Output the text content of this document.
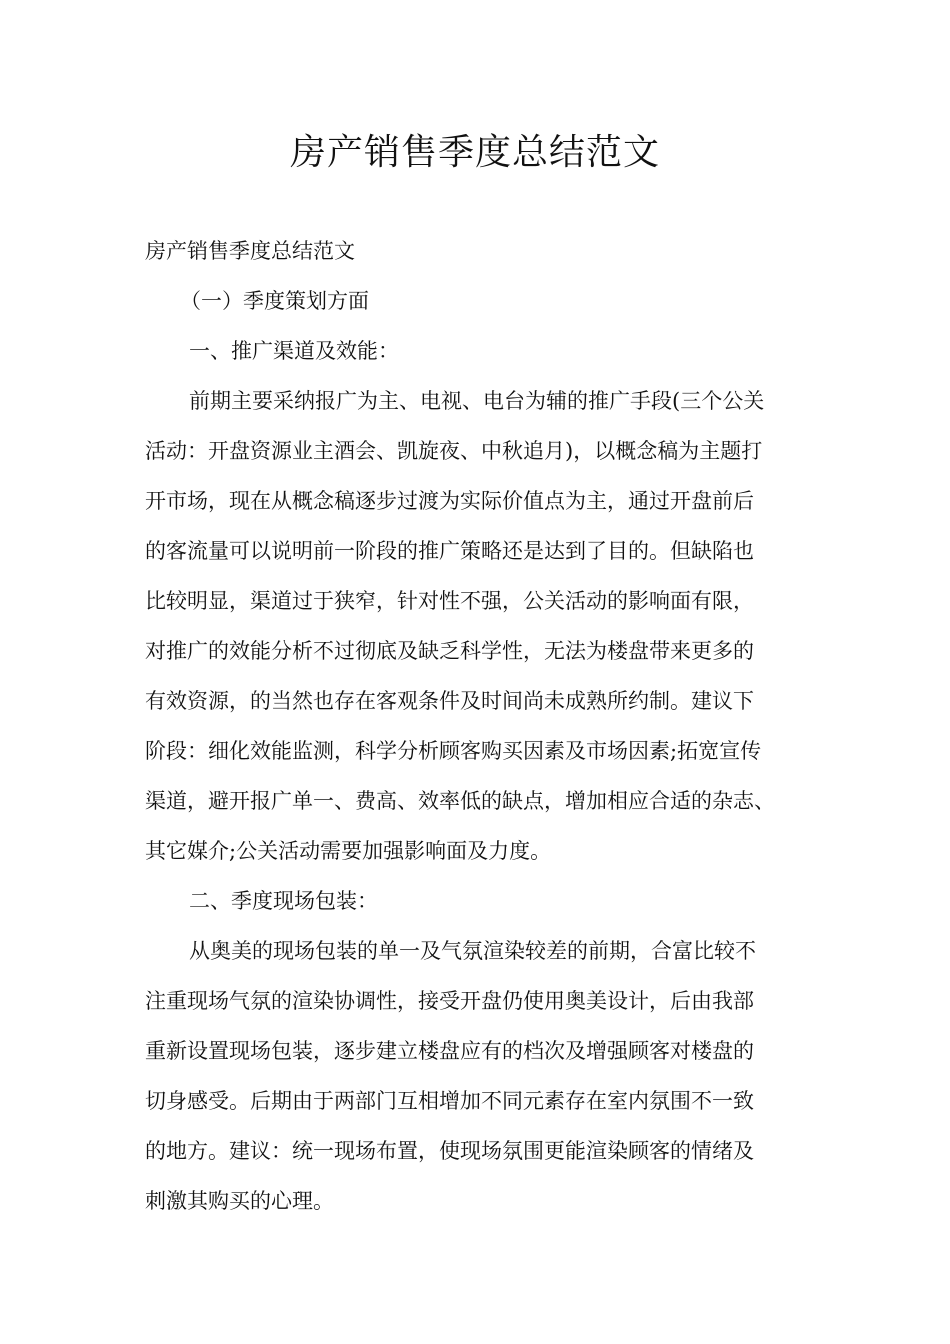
房产销售季度总结范文
房产销售季度总结范文
（一）季度策划方面
一、推广渠道及效能：
前期主要采纳报广为主、电视、电台为辅的推广手段(三个公关
活动：开盘资源业主酒会、凯旋夜、中秋追月)，以概念稿为主题打
开市场，现在从概念稿逐步过渡为实际价值点为主，通过开盘前后
的客流量可以说明前一阶段的推广策略还是达到了目的。但缺陷也
比较明显，渠道过于狭窄，针对性不强，公关活动的影响面有限，
对推广的效能分析不过彻底及缺乏科学性，无法为楼盘带来更多的
有效资源，的当然也存在客观条件及时间尚未成熟所约制。建议下
阶段：细化效能监测，科学分析顾客购买因素及市场因素;拓宽宣传
渠道，避开报广单一、费高、效率低的缺点，增加相应合适的杂志、
其它媒介;公关活动需要加强影响面及力度。
二、季度现场包装：
从奥美的现场包装的单一及气氛渲染较差的前期，合富比较不
注重现场气氛的渲染协调性，接受开盘仍使用奥美设计，后由我部
重新设置现场包装，逐步建立楼盘应有的档次及增强顾客对楼盘的
切身感受。后期由于两部门互相增加不同元素存在室内氛围不一致
的地方。建议：统一现场布置，使现场氛围更能渲染顾客的情绪及
刺激其购买的心理。
